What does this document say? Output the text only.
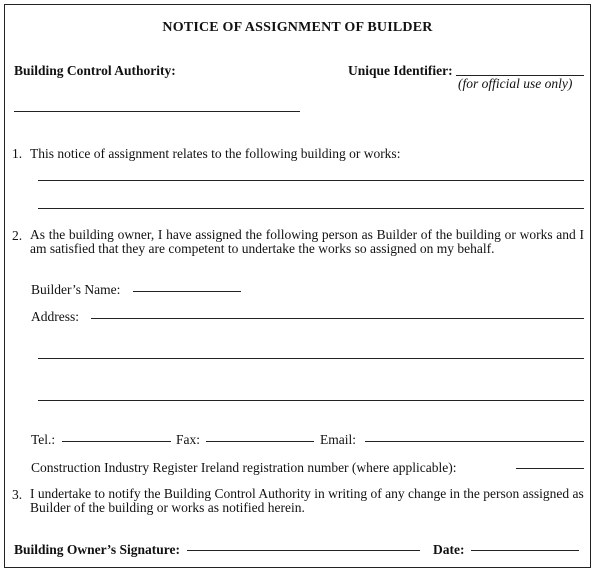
NOTICE OF ASSIGNMENT OF BUILDER
Building Control Authority:	Unique Identifier:
(for official use only)
1. This notice of assignment relates to the following building or works:
2. As the building owner, I have assigned the following person as Builder of the building or works and I am satisfied that they are competent to undertake the works so assigned on my behalf.
Builder’s Name:
Address:
Tel.:	Fax:	Email:
Construction Industry Register Ireland registration number (where applicable):
3. I undertake to notify the Building Control Authority in writing of any change in the person assigned as Builder of the building or works as notified herein.
Building Owner’s Signature:	Date:
